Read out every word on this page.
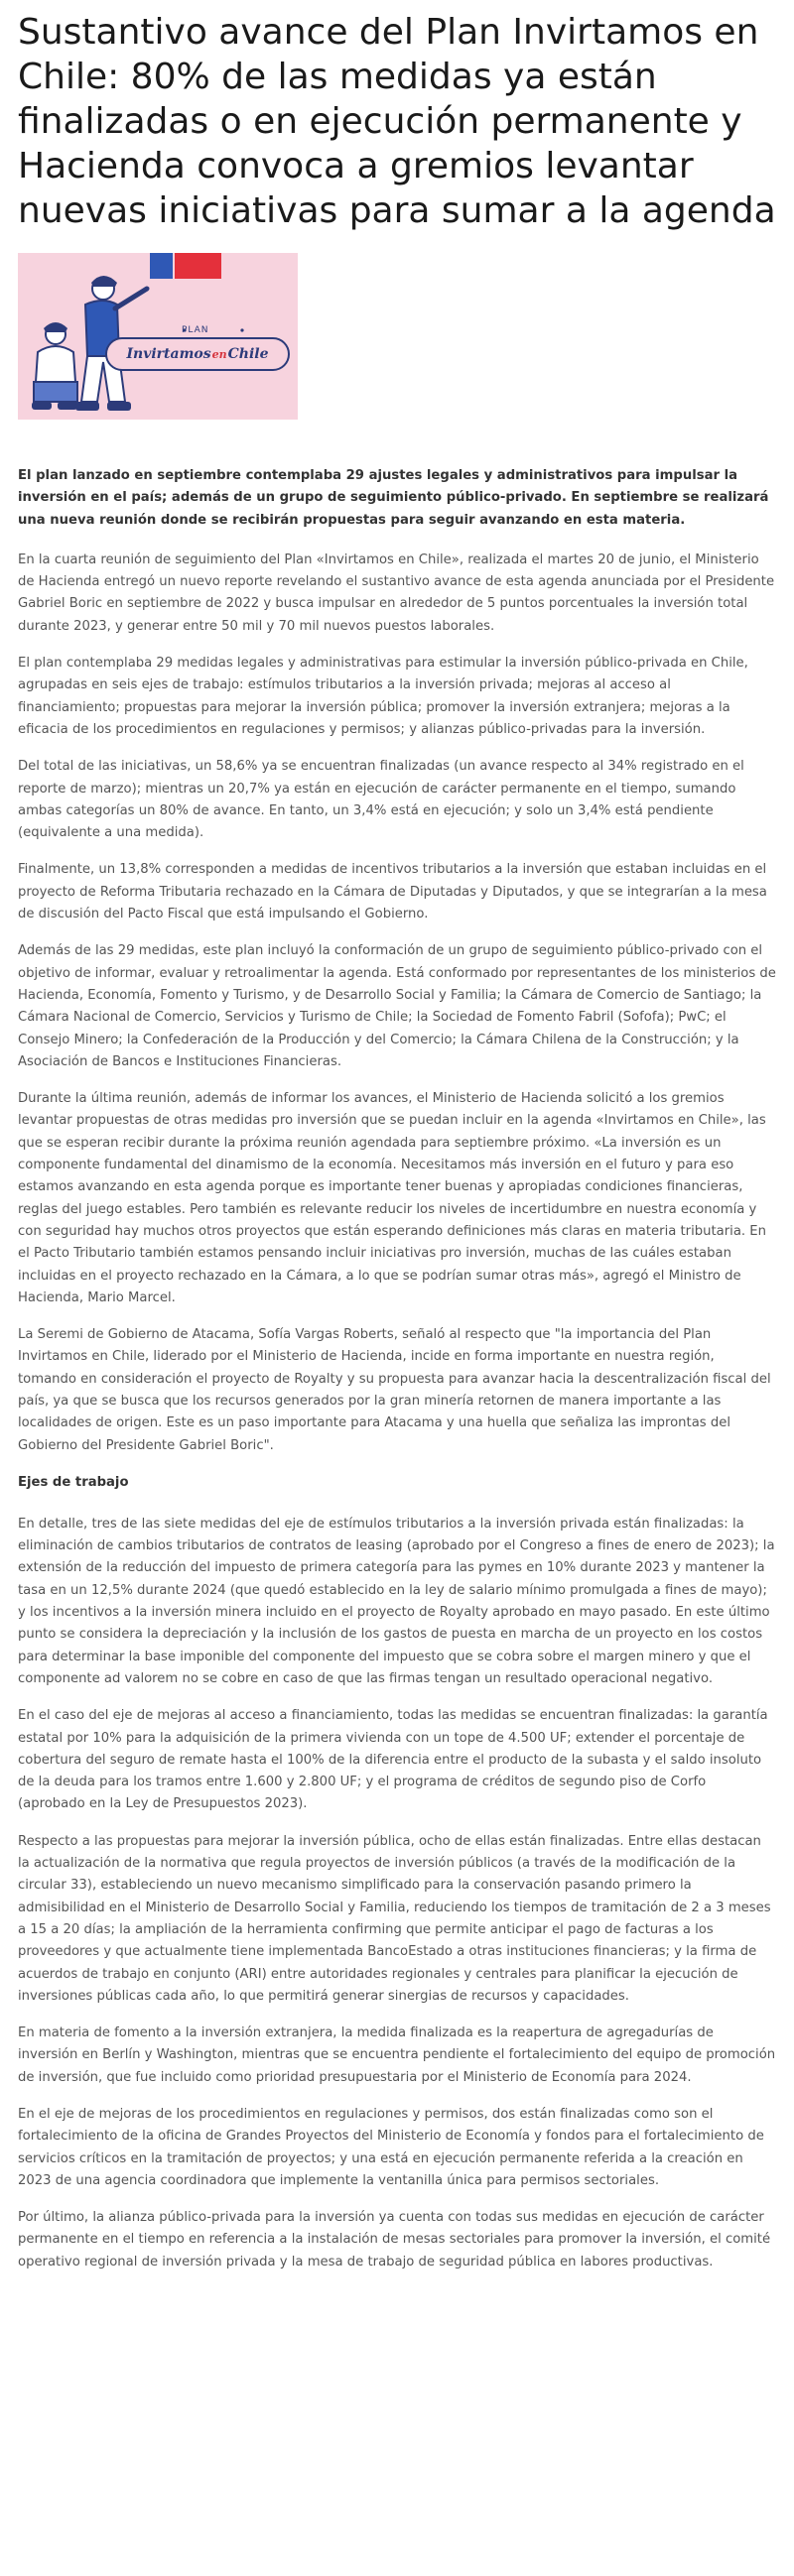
Sustantivo avance del Plan Invirtamos en Chile: 80% de las medidas ya están finalizadas o en ejecución permanente y Hacienda convoca a gremios levantar nuevas iniciativas para sumar a la agenda
PLAN
Invirtamos en Chile

El plan lanzado en septiembre contemplaba 29 ajustes legales y administrativos para impulsar la inversión en el país; además de un grupo de seguimiento público-privado. En septiembre se realizará una nueva reunión donde se recibirán propuestas para seguir avanzando en esta materia.

En la cuarta reunión de seguimiento del Plan «Invirtamos en Chile», realizada el martes 20 de junio, el Ministerio de Hacienda entregó un nuevo reporte revelando el sustantivo avance de esta agenda anunciada por el Presidente Gabriel Boric en septiembre de 2022 y busca impulsar en alrededor de 5 puntos porcentuales la inversión total durante 2023, y generar entre 50 mil y 70 mil nuevos puestos laborales.

El plan contemplaba 29 medidas legales y administrativas para estimular la inversión público-privada en Chile, agrupadas en seis ejes de trabajo: estímulos tributarios a la inversión privada; mejoras al acceso al financiamiento; propuestas para mejorar la inversión pública; promover la inversión extranjera; mejoras a la eficacia de los procedimientos en regulaciones y permisos; y alianzas público-privadas para la inversión.

Del total de las iniciativas, un 58,6% ya se encuentran finalizadas (un avance respecto al 34% registrado en el reporte de marzo); mientras un 20,7% ya están en ejecución de carácter permanente en el tiempo, sumando ambas categorías un 80% de avance. En tanto, un 3,4% está en ejecución; y solo un 3,4% está pendiente (equivalente a una medida).

Finalmente, un 13,8% corresponden a medidas de incentivos tributarios a la inversión que estaban incluidas en el proyecto de Reforma Tributaria rechazado en la Cámara de Diputadas y Diputados, y que se integrarían a la mesa de discusión del Pacto Fiscal que está impulsando el Gobierno.

Además de las 29 medidas, este plan incluyó la conformación de un grupo de seguimiento público-privado con el objetivo de informar, evaluar y retroalimentar la agenda. Está conformado por representantes de los ministerios de Hacienda, Economía, Fomento y Turismo, y de Desarrollo Social y Familia; la Cámara de Comercio de Santiago; la Cámara Nacional de Comercio, Servicios y Turismo de Chile; la Sociedad de Fomento Fabril (Sofofa); PwC; el Consejo Minero; la Confederación de la Producción y del Comercio; la Cámara Chilena de la Construcción; y la Asociación de Bancos e Instituciones Financieras.

Durante la última reunión, además de informar los avances, el Ministerio de Hacienda solicitó a los gremios levantar propuestas de otras medidas pro inversión que se puedan incluir en la agenda «Invirtamos en Chile», las que se esperan recibir durante la próxima reunión agendada para septiembre próximo. «La inversión es un componente fundamental del dinamismo de la economía. Necesitamos más inversión en el futuro y para eso estamos avanzando en esta agenda porque es importante tener buenas y apropiadas condiciones financieras, reglas del juego estables. Pero también es relevante reducir los niveles de incertidumbre en nuestra economía y con seguridad hay muchos otros proyectos que están esperando definiciones más claras en materia tributaria. En el Pacto Tributario también estamos pensando incluir iniciativas pro inversión, muchas de las cuáles estaban incluidas en el proyecto rechazado en la Cámara, a lo que se podrían sumar otras más», agregó el Ministro de Hacienda, Mario Marcel.

La Seremi de Gobierno de Atacama, Sofía Vargas Roberts, señaló al respecto que "la importancia del Plan Invirtamos en Chile, liderado por el Ministerio de Hacienda, incide en forma importante en nuestra región, tomando en consideración el proyecto de Royalty y su propuesta para avanzar hacia la descentralización fiscal del país, ya que se busca que los recursos generados por la gran minería retornen de manera importante a las localidades de origen. Este es un paso importante para Atacama y una huella que señaliza las improntas del Gobierno del Presidente Gabriel Boric".

Ejes de trabajo

En detalle, tres de las siete medidas del eje de estímulos tributarios a la inversión privada están finalizadas: la eliminación de cambios tributarios de contratos de leasing (aprobado por el Congreso a fines de enero de 2023); la extensión de la reducción del impuesto de primera categoría para las pymes en 10% durante 2023 y mantener la tasa en un 12,5% durante 2024 (que quedó establecido en la ley de salario mínimo promulgada a fines de mayo); y los incentivos a la inversión minera incluido en el proyecto de Royalty aprobado en mayo pasado. En este último punto se considera la depreciación y la inclusión de los gastos de puesta en marcha de un proyecto en los costos para determinar la base imponible del componente del impuesto que se cobra sobre el margen minero y que el componente ad valorem no se cobre en caso de que las firmas tengan un resultado operacional negativo.

En el caso del eje de mejoras al acceso a financiamiento, todas las medidas se encuentran finalizadas: la garantía estatal por 10% para la adquisición de la primera vivienda con un tope de 4.500 UF; extender el porcentaje de cobertura del seguro de remate hasta el 100% de la diferencia entre el producto de la subasta y el saldo insoluto de la deuda para los tramos entre 1.600 y 2.800 UF; y el programa de créditos de segundo piso de Corfo (aprobado en la Ley de Presupuestos 2023).

Respecto a las propuestas para mejorar la inversión pública, ocho de ellas están finalizadas. Entre ellas destacan la actualización de la normativa que regula proyectos de inversión públicos (a través de la modificación de la circular 33), estableciendo un nuevo mecanismo simplificado para la conservación pasando primero la admisibilidad en el Ministerio de Desarrollo Social y Familia, reduciendo los tiempos de tramitación de 2 a 3 meses a 15 a 20 días; la ampliación de la herramienta confirming que permite anticipar el pago de facturas a los proveedores y que actualmente tiene implementada BancoEstado a otras instituciones financieras; y la firma de acuerdos de trabajo en conjunto (ARI) entre autoridades regionales y centrales para planificar la ejecución de inversiones públicas cada año, lo que permitirá generar sinergias de recursos y capacidades.

En materia de fomento a la inversión extranjera, la medida finalizada es la reapertura de agregadurías de inversión en Berlín y Washington, mientras que se encuentra pendiente el fortalecimiento del equipo de promoción de inversión, que fue incluido como prioridad presupuestaria por el Ministerio de Economía para 2024.

En el eje de mejoras de los procedimientos en regulaciones y permisos, dos están finalizadas como son el fortalecimiento de la oficina de Grandes Proyectos del Ministerio de Economía y fondos para el fortalecimiento de servicios críticos en la tramitación de proyectos; y una está en ejecución permanente referida a la creación en 2023 de una agencia coordinadora que implemente la ventanilla única para permisos sectoriales.

Por último, la alianza público-privada para la inversión ya cuenta con todas sus medidas en ejecución de carácter permanente en el tiempo en referencia a la instalación de mesas sectoriales para promover la inversión, el comité operativo regional de inversión privada y la mesa de trabajo de seguridad pública en labores productivas.
